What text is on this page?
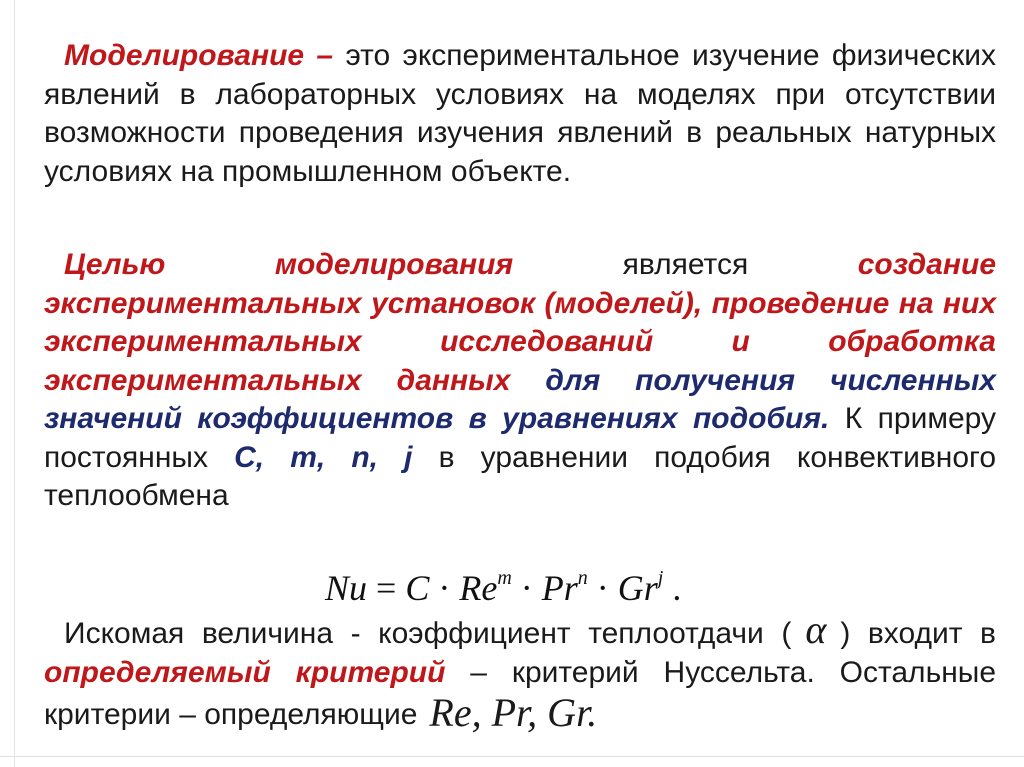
Моделирование – это экспериментальное изучение физических явлений в лабораторных условиях на моделях при отсутствии возможности проведения изучения явлений в реальных натурных условиях на промышленном объекте.

Целью моделирования является создание экспериментальных установок (моделей), проведение на них экспериментальных исследований и обработка экспериментальных данных для получения численных значений коэффициентов в уравнениях подобия. К примеру постоянных C, m, n, j в уравнении подобия конвективного теплообмена

$Nu = C \cdot Re^m \cdot Pr^n \cdot Gr^j$ .

Искомая величина - коэффициент теплоотдачи ( α ) входит в определяемый критерий – критерий Нуссельта. Остальные критерии – определяющие Re, Pr, Gr.
